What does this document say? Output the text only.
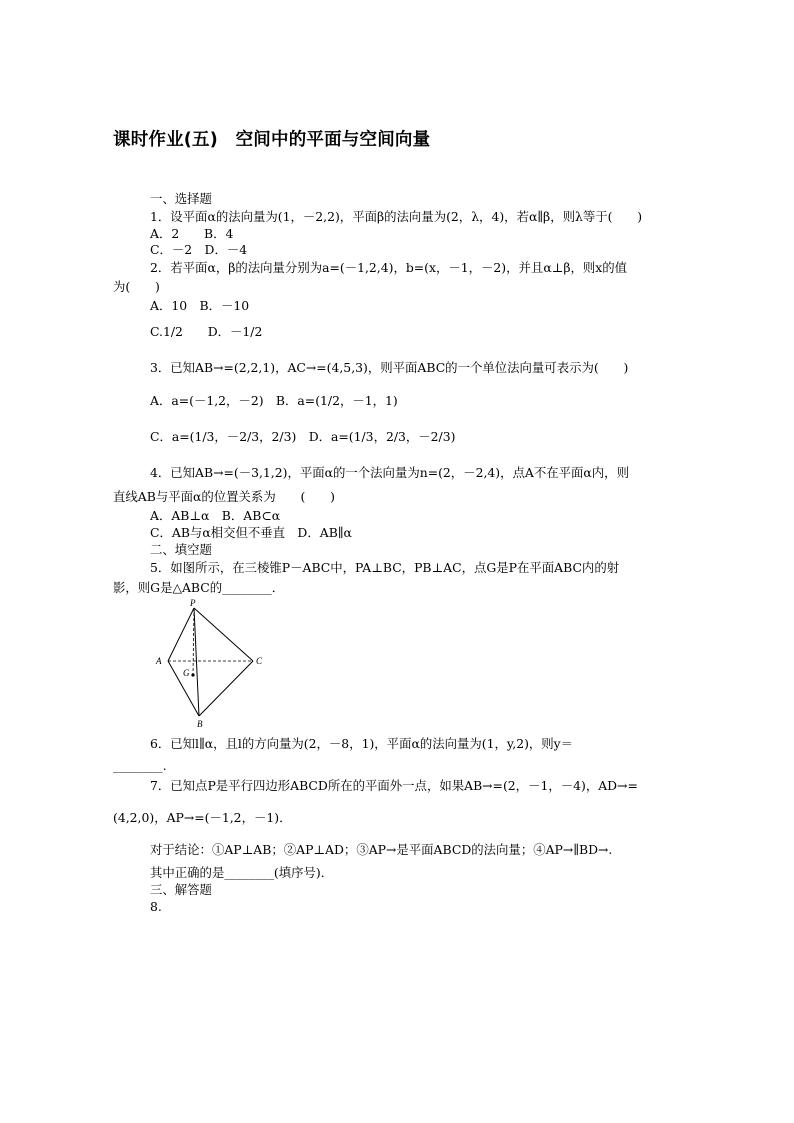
课时作业(五)　空间中的平面与空间向量
一、选择题
1．设平面α的法向量为(1，－2,2)，平面β的法向量为(2，λ，4)，若α∥β，则λ等于(　　)
A．2　　B．4
C．－2　D．－4
2．若平面α，β的法向量分别为a=(－1,2,4)，b=(x，－1，－2)，并且α⊥β，则x的值
为(　　)
A．10　B．－10
C.1/2　　D．－1/2
3．已知AB→=(2,2,1)，AC→=(4,5,3)，则平面ABC的一个单位法向量可表示为(　　)
A．a=(－1,2，－2)　B．a=(1/2，－1，1)
C．a=(1/3，－2/3，2/3)　D．a=(1/3，2/3，－2/3)
4．已知AB→=(－3,1,2)，平面α的一个法向量为n=(2，－2,4)，点A不在平面α内，则
直线AB与平面α的位置关系为　　(　　)
A．AB⊥α　B．AB⊂α
C．AB与α相交但不垂直　D．AB∥α
二、填空题
5．如图所示，在三棱锥P－ABC中，PA⊥BC，PB⊥AC，点G是P在平面ABC内的射
影，则G是△ABC的________．
P
A
B
C
G
6．已知l∥α，且l的方向量为(2，－8，1)，平面α的法向量为(1，y,2)，则y＝
________.
7．已知点P是平行四边形ABCD所在的平面外一点，如果AB→=(2，－1，－4)，AD→=
(4,2,0)，AP→=(－1,2，－1)．
对于结论：①AP⊥AB；②AP⊥AD；③AP→是平面ABCD的法向量；④AP→∥BD→.
其中正确的是________(填序号)．
三、解答题
8.
